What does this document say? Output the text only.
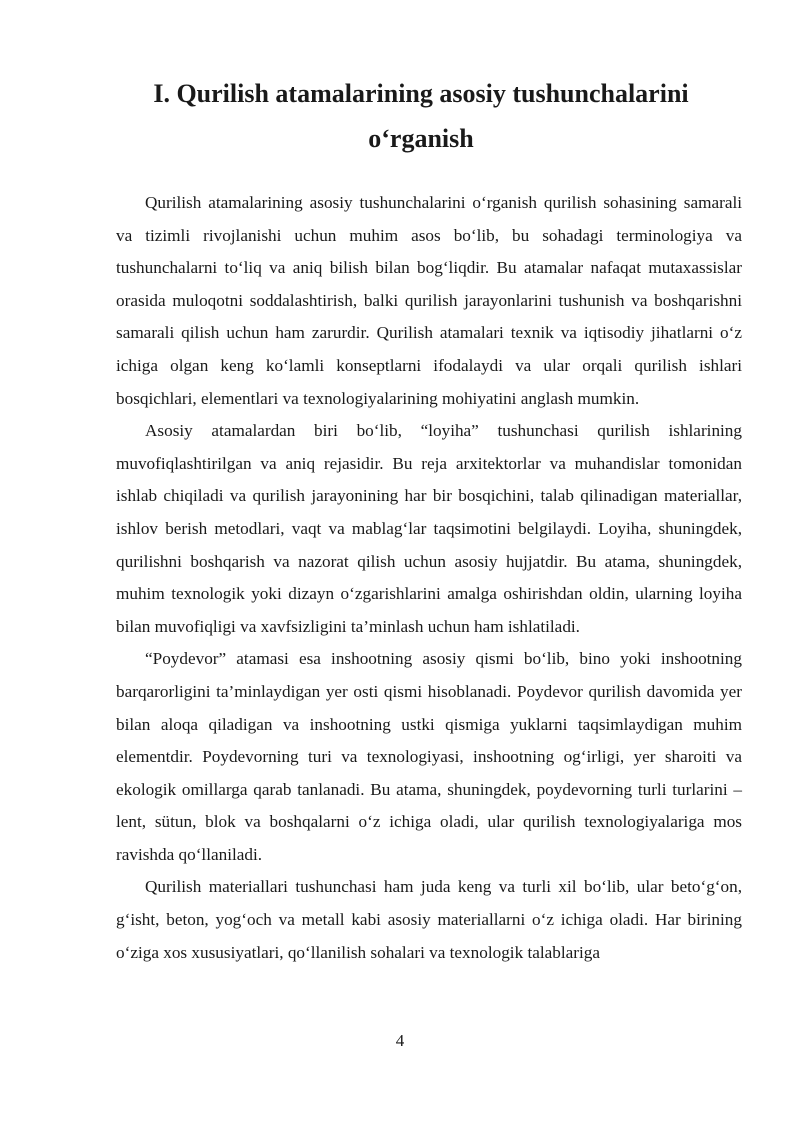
I. Qurilish atamalarining asosiy tushunchalarini
o‘rganish

Qurilish atamalarining asosiy tushunchalarini o‘rganish qurilish sohasining samarali va tizimli rivojlanishi uchun muhim asos bo‘lib, bu sohadagi terminologiya va tushunchalarni to‘liq va aniq bilish bilan bog‘liqdir. Bu atamalar nafaqat mutaxassislar orasida muloqotni soddalashtirish, balki qurilish jarayonlarini tushunish va boshqarishni samarali qilish uchun ham zarurdir. Qurilish atamalari texnik va iqtisodiy jihatlarni o‘z ichiga olgan keng ko‘lamli konseptlarni ifodalaydi va ular orqali qurilish ishlari bosqichlari, elementlari va texnologiyalarining mohiyatini anglash mumkin.

Asosiy atamalardan biri bo‘lib, “loyiha” tushunchasi qurilish ishlarining muvofiqlashtirilgan va aniq rejasidir. Bu reja arxitektorlar va muhandislar tomonidan ishlab chiqiladi va qurilish jarayonining har bir bosqichini, talab qilinadigan materiallar, ishlov berish metodlari, vaqt va mablag‘lar taqsimotini belgilaydi. Loyiha, shuningdek, qurilishni boshqarish va nazorat qilish uchun asosiy hujjatdir. Bu atama, shuningdek, muhim texnologik yoki dizayn o‘zgarishlarini amalga oshirishdan oldin, ularning loyiha bilan muvofiqligi va xavfsizligini ta’minlash uchun ham ishlatiladi.

“Poydevor” atamasi esa inshootning asosiy qismi bo‘lib, bino yoki inshootning barqarorligini ta’minlaydigan yer osti qismi hisoblanadi. Poydevor qurilish davomida yer bilan aloqa qiladigan va inshootning ustki qismiga yuklarni taqsimlaydigan muhim elementdir. Poydevorning turi va texnologiyasi, inshootning og‘irligi, yer sharoiti va ekologik omillarga qarab tanlanadi. Bu atama, shuningdek, poydevorning turli turlarini – lent, sütun, blok va boshqalarni o‘z ichiga oladi, ular qurilish texnologiyalariga mos ravishda qo‘llaniladi.

Qurilish materiallari tushunchasi ham juda keng va turli xil bo‘lib, ular beto‘g‘on, g‘isht, beton, yog‘och va metall kabi asosiy materiallarni o‘z ichiga oladi. Har birining o‘ziga xos xususiyatlari, qo‘llanilish sohalari va texnologik talablariga

4
